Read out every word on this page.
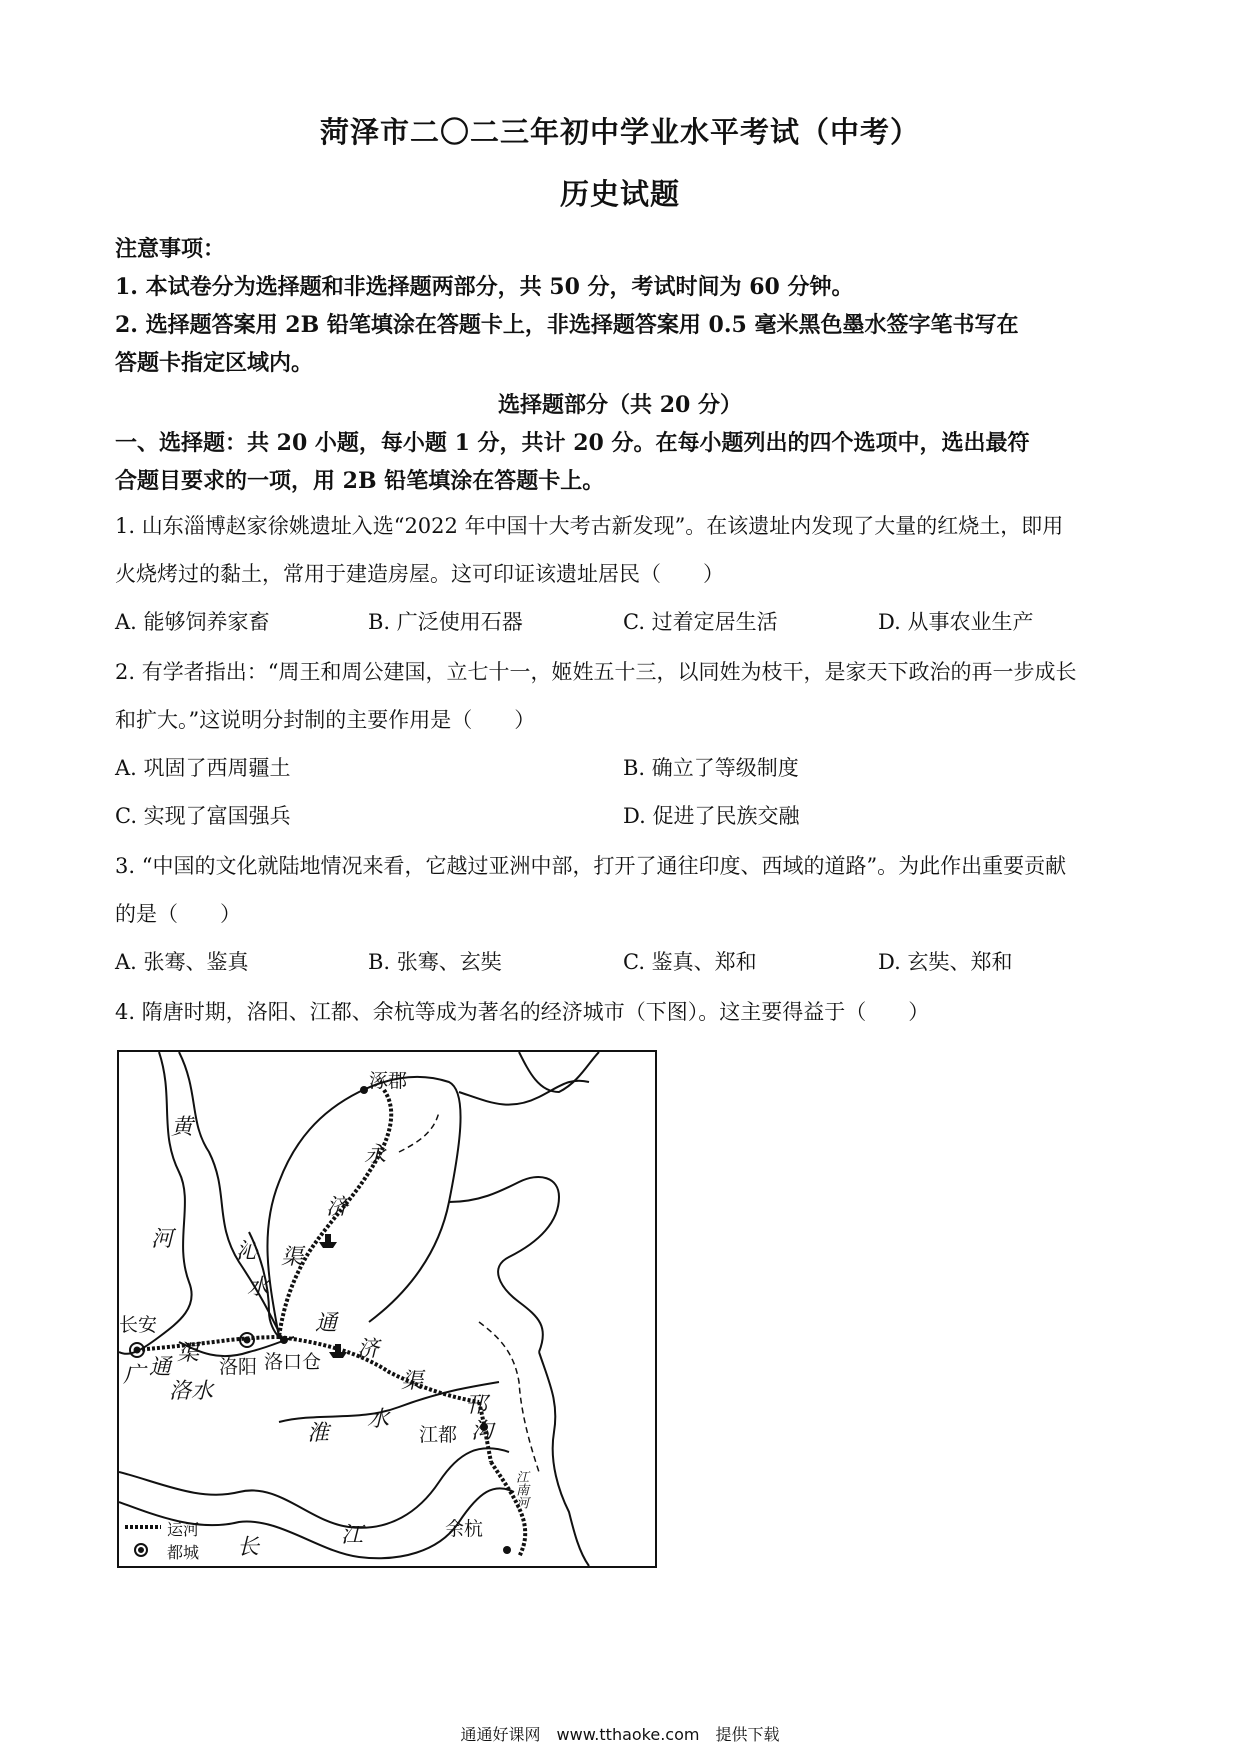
菏泽市二〇二三年初中学业水平考试（中考）
历史试题
注意事项：
1. 本试卷分为选择题和非选择题两部分，共 50 分，考试时间为 60 分钟。
2. 选择题答案用 2B 铅笔填涂在答题卡上，非选择题答案用 0.5 毫米黑色墨水签字笔书写在
答题卡指定区域内。
选择题部分（共 20 分）
一、选择题：共 20 小题，每小题 1 分，共计 20 分。在每小题列出的四个选项中，选出最符
合题目要求的一项，用 2B 铅笔填涂在答题卡上。
1. 山东淄博赵家徐姚遗址入选“2022 年中国十大考古新发现”。在该遗址内发现了大量的红烧土，即用
火烧烤过的黏土，常用于建造房屋。这可印证该遗址居民（　　）
A. 能够饲养家畜	B. 广泛使用石器	C. 过着定居生活	D. 从事农业生产
2. 有学者指出：“周王和周公建国，立七十一，姬姓五十三，以同姓为枝干，是家天下政治的再一步成长
和扩大。”这说明分封制的主要作用是（　　）
A. 巩固了西周疆土	B. 确立了等级制度
C. 实现了富国强兵	D. 促进了民族交融
3. “中国的文化就陆地情况来看，它越过亚洲中部，打开了通往印度、西域的道路”。为此作出重要贡献
的是（　　）
A. 张骞、鉴真	B. 张骞、玄奘	C. 鉴真、郑和	D. 玄奘、郑和
4. 隋唐时期，洛阳、江都、余杭等成为著名的经济城市（下图）。这主要得益于（　　）
涿郡
黄
河
永
济
渠
沁
水
长安
广 通
渠
洛水
洛阳 洛口仓
通
济
渠
淮
水
邗
沟
江都
江南河
余杭
长	江
运河
都城
通通好课网　www.tthaoke.com　提供下载
